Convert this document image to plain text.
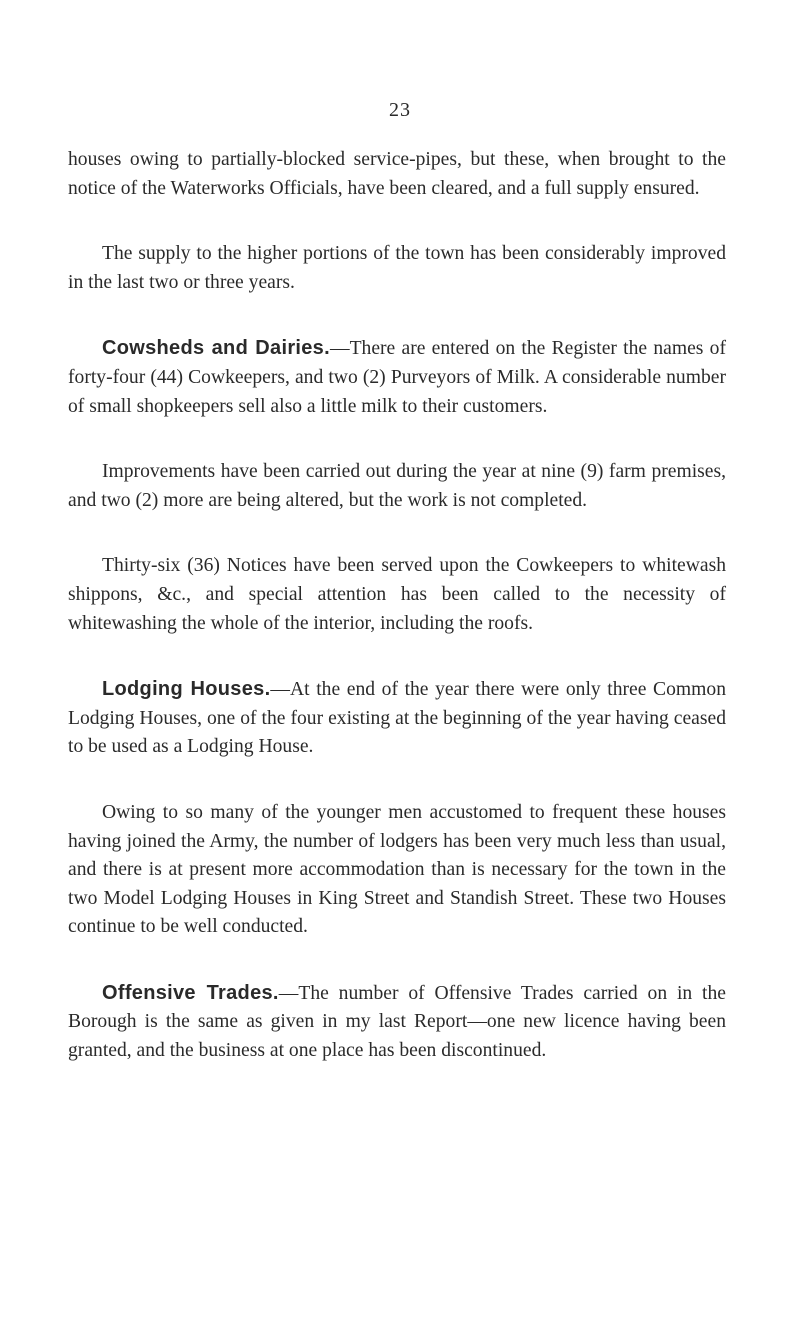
23

houses owing to partially-blocked service-pipes, but these, when brought to the notice of the Waterworks Officials, have been cleared, and a full supply ensured.

The supply to the higher portions of the town has been considerably improved in the last two or three years.

Cowsheds and Dairies.—There are entered on the Register the names of forty-four (44) Cowkeepers, and two (2) Purveyors of Milk. A considerable number of small shopkeepers sell also a little milk to their customers.

Improvements have been carried out during the year at nine (9) farm premises, and two (2) more are being altered, but the work is not completed.

Thirty-six (36) Notices have been served upon the Cowkeepers to whitewash shippons, &c., and special attention has been called to the necessity of whitewashing the whole of the interior, including the roofs.

Lodging Houses.—At the end of the year there were only three Common Lodging Houses, one of the four existing at the beginning of the year having ceased to be used as a Lodging House.

Owing to so many of the younger men accustomed to frequent these houses having joined the Army, the number of lodgers has been very much less than usual, and there is at present more accommodation than is necessary for the town in the two Model Lodging Houses in King Street and Standish Street. These two Houses continue to be well conducted.

Offensive Trades.—The number of Offensive Trades carried on in the Borough is the same as given in my last Report—one new licence having been granted, and the business at one place has been discontinued.
